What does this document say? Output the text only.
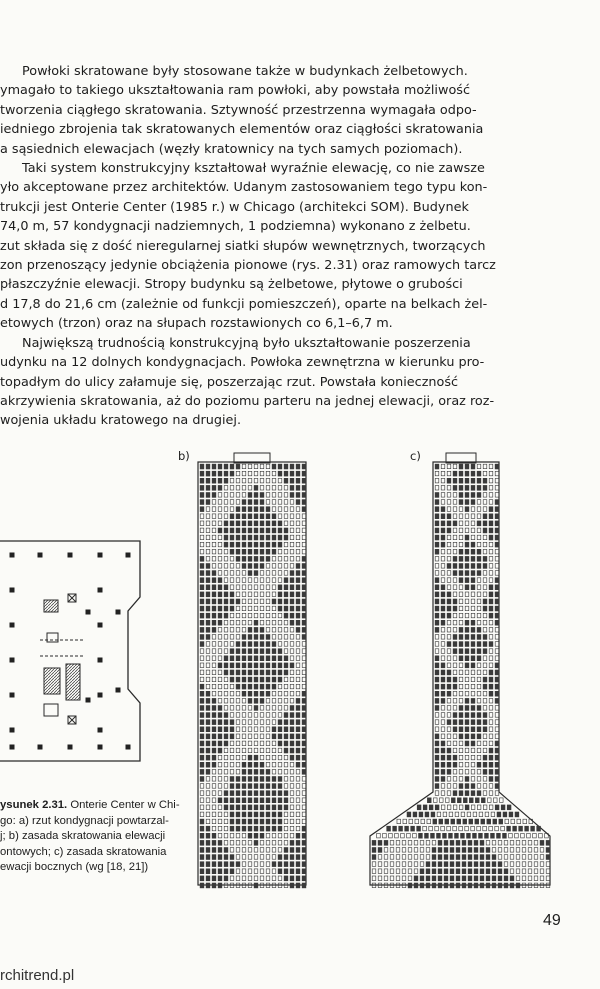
Powłoki skratowane były stosowane także w budynkach żelbetowych.
ymagało to takiego ukształtowania ram powłoki, aby powstała możliwość
tworzenia ciągłego skratowania. Sztywność przestrzenna wymagała odpo-
iedniego zbrojenia tak skratowanych elementów oraz ciągłości skratowania
a sąsiednich elewacjach (węzły kratownicy na tych samych poziomach).

Taki system konstrukcyjny kształtował wyraźnie elewację, co nie zawsze
yło akceptowane przez architektów. Udanym zastosowaniem tego typu kon-
trukcji jest Onterie Center (1985 r.) w Chicago (architekci SOM). Budynek
74,0 m, 57 kondygnacji nadziemnych, 1 podziemna) wykonano z żelbetu.
zut składa się z dość nieregularnej siatki słupów wewnętrznych, tworzących
zon przenoszący jedynie obciążenia pionowe (rys. 2.31) oraz ramowych tarcz
płaszczyźnie elewacji. Stropy budynku są żelbetowe, płytowe o grubości
d 17,8 do 21,6 cm (zależnie od funkcji pomieszczeń), oparte na belkach żel-
etowych (trzon) oraz na słupach rozstawionych co 6,1–6,7 m.

Największą trudnością konstrukcyjną było ukształtowanie poszerzenia
udynku na 12 dolnych kondygnacjach. Powłoka zewnętrzna w kierunku pro-
topadłym do ulicy załamuje się, poszerzając rzut. Powstała konieczność
akrzywienia skratowania, aż do poziomu parteru na jednej elewacji, oraz roz-
wojenia układu kratowego na drugiej.

b)	c)
ysunek 2.31. Onterie Center w Chi-
go: a) rzut kondygnacji powtarzal-
j; b) zasada skratowania elewacji
ontowych; c) zasada skratowania
ewacji bocznych (wg [18, 21])
49
rchitrend.pl
